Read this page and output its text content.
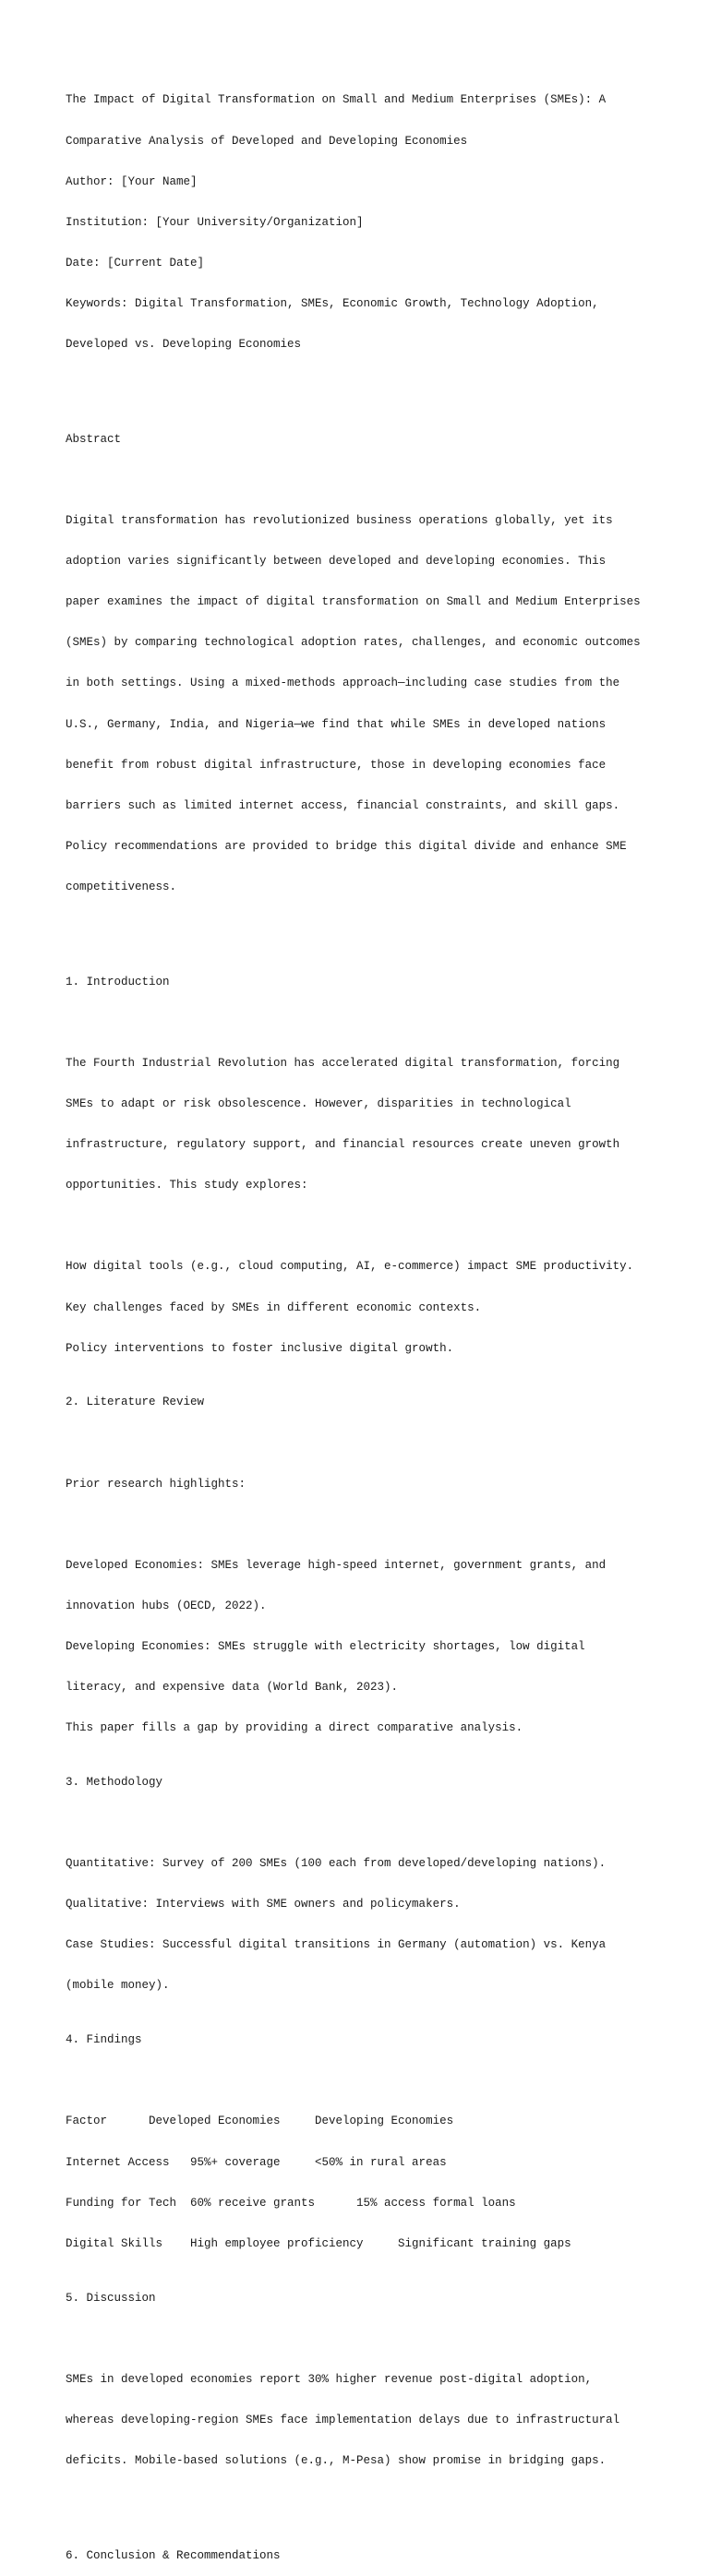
The Impact of Digital Transformation on Small and Medium Enterprises (SMEs): A

Comparative Analysis of Developed and Developing Economies

Author: [Your Name]

Institution: [Your University/Organization]

Date: [Current Date]

Keywords: Digital Transformation, SMEs, Economic Growth, Technology Adoption,

Developed vs. Developing Economies

Abstract

Digital transformation has revolutionized business operations globally, yet its

adoption varies significantly between developed and developing economies. This

paper examines the impact of digital transformation on Small and Medium Enterprises

(SMEs) by comparing technological adoption rates, challenges, and economic outcomes

in both settings. Using a mixed-methods approach—including case studies from the

U.S., Germany, India, and Nigeria—we find that while SMEs in developed nations

benefit from robust digital infrastructure, those in developing economies face

barriers such as limited internet access, financial constraints, and skill gaps.

Policy recommendations are provided to bridge this digital divide and enhance SME

competitiveness.

1. Introduction

The Fourth Industrial Revolution has accelerated digital transformation, forcing

SMEs to adapt or risk obsolescence. However, disparities in technological

infrastructure, regulatory support, and financial resources create uneven growth

opportunities. This study explores:

How digital tools (e.g., cloud computing, AI, e-commerce) impact SME productivity.

Key challenges faced by SMEs in different economic contexts.

Policy interventions to foster inclusive digital growth.

2. Literature Review

Prior research highlights:

Developed Economies: SMEs leverage high-speed internet, government grants, and

innovation hubs (OECD, 2022).

Developing Economies: SMEs struggle with electricity shortages, low digital

literacy, and expensive data (World Bank, 2023).

This paper fills a gap by providing a direct comparative analysis.

3. Methodology

Quantitative: Survey of 200 SMEs (100 each from developed/developing nations).

Qualitative: Interviews with SME owners and policymakers.

Case Studies: Successful digital transitions in Germany (automation) vs. Kenya

(mobile money).

4. Findings

Factor      Developed Economies     Developing Economies

Internet Access   95%+ coverage     <50% in rural areas

Funding for Tech  60% receive grants      15% access formal loans

Digital Skills    High employee proficiency     Significant training gaps

5. Discussion

SMEs in developed economies report 30% higher revenue post-digital adoption,

whereas developing-region SMEs face implementation delays due to infrastructural

deficits. Mobile-based solutions (e.g., M-Pesa) show promise in bridging gaps.

6. Conclusion & Recommendations
